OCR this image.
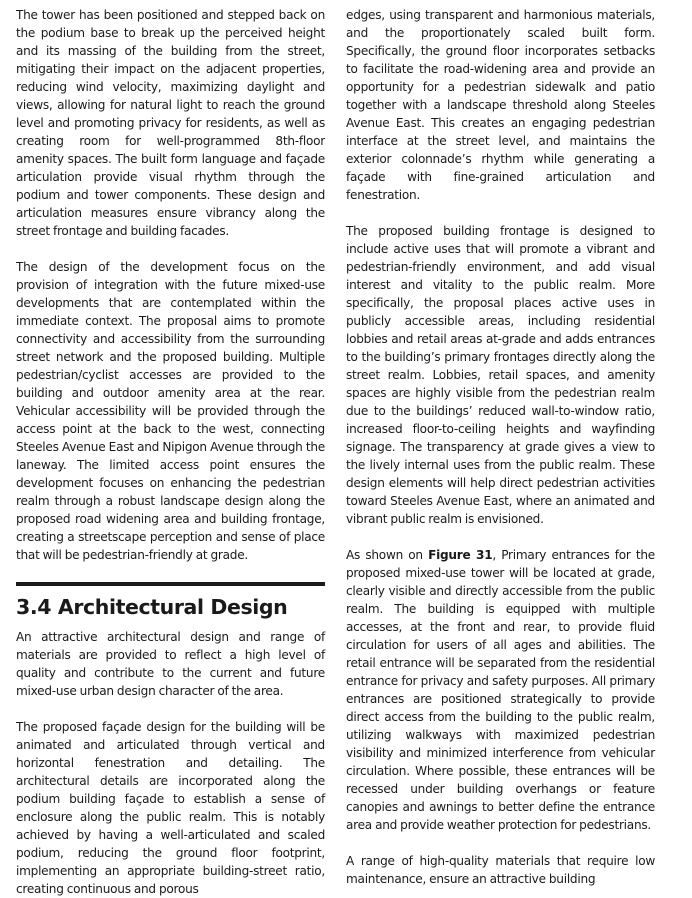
The tower has been positioned and stepped back on the podium base to break up the perceived height and its massing of the building from the street, mitigating their impact on the adjacent properties, reducing wind velocity, maximizing daylight and views, allowing for natural light to reach the ground level and promoting privacy for residents, as well as creating room for well-programmed 8th-floor amenity spaces. The built form language and façade articulation provide visual rhythm through the podium and tower components. These design and articulation measures ensure vibrancy along the street frontage and building facades.

The design of the development focus on the provision of integration with the future mixed-use developments that are contemplated within the immediate context. The proposal aims to promote connectivity and accessibility from the surrounding street network and the proposed building. Multiple pedestrian/cyclist accesses are provided to the building and outdoor amenity area at the rear. Vehicular accessibility will be provided through the access point at the back to the west, connecting Steeles Avenue East and Nipigon Avenue through the laneway. The limited access point ensures the development focuses on enhancing the pedestrian realm through a robust landscape design along the proposed road widening area and building frontage, creating a streetscape perception and sense of place that will be pedestrian-friendly at grade.

3.4 Architectural Design

An attractive architectural design and range of materials are provided to reflect a high level of quality and contribute to the current and future mixed-use urban design character of the area.

The proposed façade design for the building will be animated and articulated through vertical and horizontal fenestration and detailing. The architectural details are incorporated along the podium building façade to establish a sense of enclosure along the public realm. This is notably achieved by having a well-articulated and scaled podium, reducing the ground floor footprint, implementing an appropriate building-street ratio, creating continuous and porous

edges, using transparent and harmonious materials, and the proportionately scaled built form. Specifically, the ground floor incorporates setbacks to facilitate the road-widening area and provide an opportunity for a pedestrian sidewalk and patio together with a landscape threshold along Steeles Avenue East. This creates an engaging pedestrian interface at the street level, and maintains the exterior colonnade’s rhythm while generating a façade with fine-grained articulation and fenestration.

The proposed building frontage is designed to include active uses that will promote a vibrant and pedestrian-friendly environment, and add visual interest and vitality to the public realm. More specifically, the proposal places active uses in publicly accessible areas, including residential lobbies and retail areas at-grade and adds entrances to the building’s primary frontages directly along the street realm. Lobbies, retail spaces, and amenity spaces are highly visible from the pedestrian realm due to the buildings’ reduced wall-to-window ratio, increased floor-to-ceiling heights and wayfinding signage. The transparency at grade gives a view to the lively internal uses from the public realm. These design elements will help direct pedestrian activities toward Steeles Avenue East, where an animated and vibrant public realm is envisioned.

As shown on Figure 31, Primary entrances for the proposed mixed-use tower will be located at grade, clearly visible and directly accessible from the public realm. The building is equipped with multiple accesses, at the front and rear, to provide fluid circulation for users of all ages and abilities. The retail entrance will be separated from the residential entrance for privacy and safety purposes. All primary entrances are positioned strategically to provide direct access from the building to the public realm, utilizing walkways with maximized pedestrian visibility and minimized interference from vehicular circulation. Where possible, these entrances will be recessed under building overhangs or feature canopies and awnings to better define the entrance area and provide weather protection for pedestrians.

A range of high-quality materials that require low maintenance, ensure an attractive building
